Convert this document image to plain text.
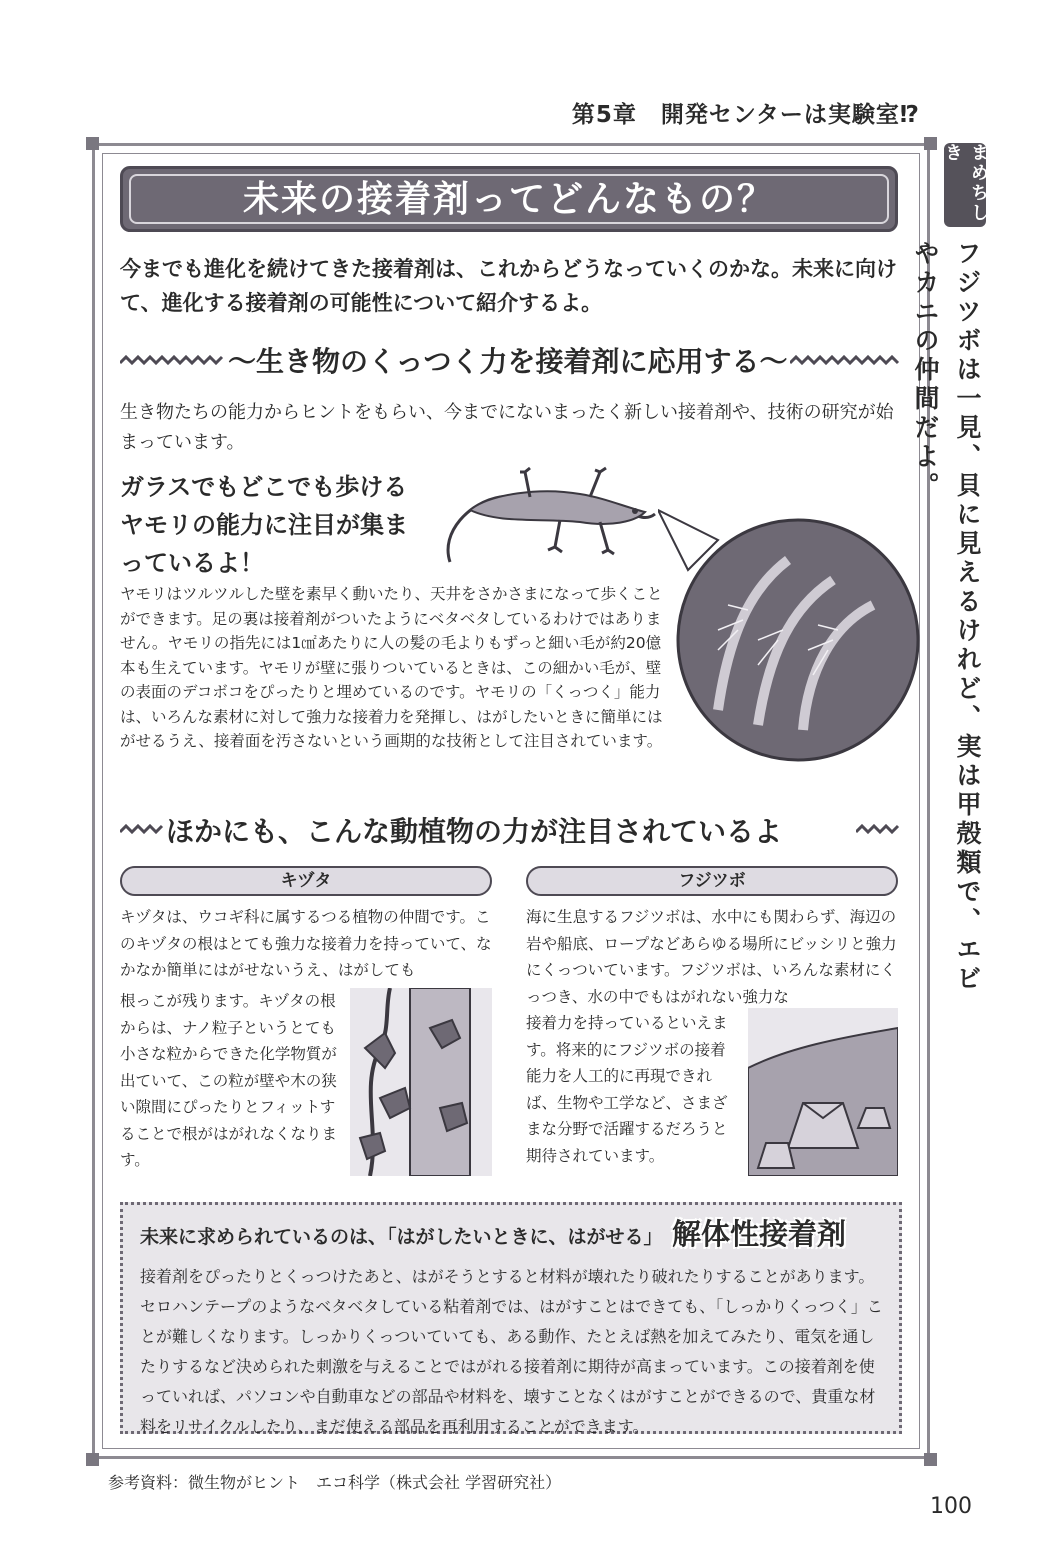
第5章　開発センターは実験室⁉
まめちしき
フジツボは一見、貝に見えるけれど、実は甲殻類で、エビやカニの仲間だよ。
未来の接着剤ってどんなもの？
今までも進化を続けてきた接着剤は、これからどうなっていくのかな。未来に向けて、進化する接着剤の可能性について紹介するよ。
〜生き物のくっつく力を接着剤に応用する〜
生き物たちの能力からヒントをもらい、今までにないまったく新しい接着剤や、技術の研究が始まっています。
ガラスでもどこでも歩けるヤモリの能力に注目が集まっているよ！
ヤモリはツルツルした壁を素早く動いたり、天井をさかさまになって歩くことができます。足の裏は接着剤がついたようにベタベタしているわけではありません。ヤモリの指先には1㎠あたりに人の髪の毛よりもずっと細い毛が約20億本も生えています。ヤモリが壁に張りついているときは、この細かい毛が、壁の表面のデコボコをぴったりと埋めているのです。ヤモリの「くっつく」能力は、いろんな素材に対して強力な接着力を発揮し、はがしたいときに簡単にはがせるうえ、接着面を汚さないという画期的な技術として注目されています。
ほかにも、こんな動植物の力が注目されているよ
キヅタ
キヅタは、ウコギ科に属するつる植物の仲間です。このキヅタの根はとても強力な接着力を持っていて、なかなか簡単にはがせないうえ、はがしても
根っこが残ります。キヅタの根からは、ナノ粒子というとても小さな粒からできた化学物質が出ていて、この粒が壁や木の狭い隙間にぴったりとフィットすることで根がはがれなくなります。
フジツボ
海に生息するフジツボは、水中にも関わらず、海辺の岩や船底、ロープなどあらゆる場所にビッシリと強力にくっついています。フジツボは、いろんな素材にくっつき、水の中でもはがれない強力な
接着力を持っているといえます。将来的にフジツボの接着能力を人工的に再現できれば、生物や工学など、さまざまな分野で活躍するだろうと期待されています。
未来に求められているのは、「はがしたいときに、はがせる」 解体性接着剤
接着剤をぴったりとくっつけたあと、はがそうとすると材料が壊れたり破れたりすることがあります。セロハンテープのようなベタベタしている粘着剤では、はがすことはできても、「しっかりくっつく」ことが難しくなります。しっかりくっついていても、ある動作、たとえば熱を加えてみたり、電気を通したりするなど決められた刺激を与えることではがれる接着剤に期待が高まっています。この接着剤を使っていれば、パソコンや自動車などの部品や材料を、壊すことなくはがすことができるので、貴重な材料をリサイクルしたり、まだ使える部品を再利用することができます。
参考資料：微生物がヒント　エコ科学（株式会社 学習研究社）
100
